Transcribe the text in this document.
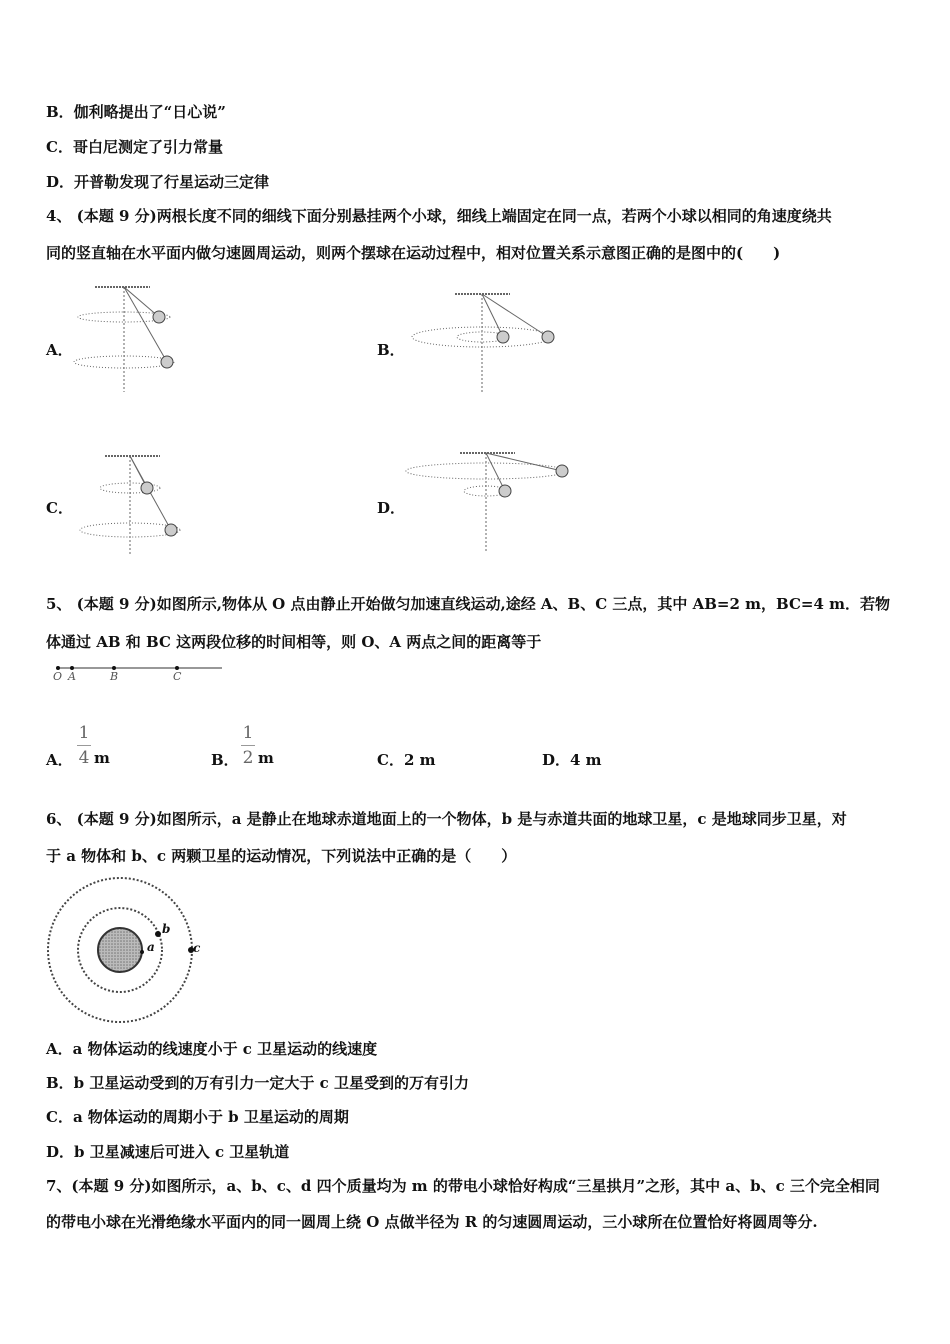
B．伽利略提出了“日心说”
C．哥白尼测定了引力常量
D．开普勒发现了行星运动三定律
4、 (本题 9 分)两根长度不同的细线下面分别悬挂两个小球，细线上端固定在同一点，若两个小球以相同的角速度绕共
同的竖直轴在水平面内做匀速圆周运动，则两个摆球在运动过程中，相对位置关系示意图正确的是图中的(　　)
A．	B．
C．	D．
5、 (本题 9 分)如图所示,物体从 O 点由静止开始做匀加速直线运动,途经 A、B、C 三点，其中 AB=2 m，BC=4 m．若物
体通过 AB 和 BC 这两段位移的时间相等，则 O、A 两点之间的距离等于
O A	B	C
A．
1
4 m	B．
1
2 m	C．2 m	D．4 m
6、 (本题 9 分)如图所示，a 是静止在地球赤道地面上的一个物体，b 是与赤道共面的地球卫星，c 是地球同步卫星，对
于 a 物体和 b、c 两颗卫星的运动情况，下列说法中正确的是（　　）
a
b
c
A．a 物体运动的线速度小于 c 卫星运动的线速度
B．b 卫星运动受到的万有引力一定大于 c 卫星受到的万有引力
C．a 物体运动的周期小于 b 卫星运动的周期
D．b 卫星减速后可进入 c 卫星轨道
7、(本题 9 分)如图所示，a、b、c、d 四个质量均为 m 的带电小球恰好构成“三星拱月”之形，其中 a、b、c 三个完全相同
的带电小球在光滑绝缘水平面内的同一圆周上绕 O 点做半径为 R 的匀速圆周运动，三小球所在位置恰好将圆周等分.
